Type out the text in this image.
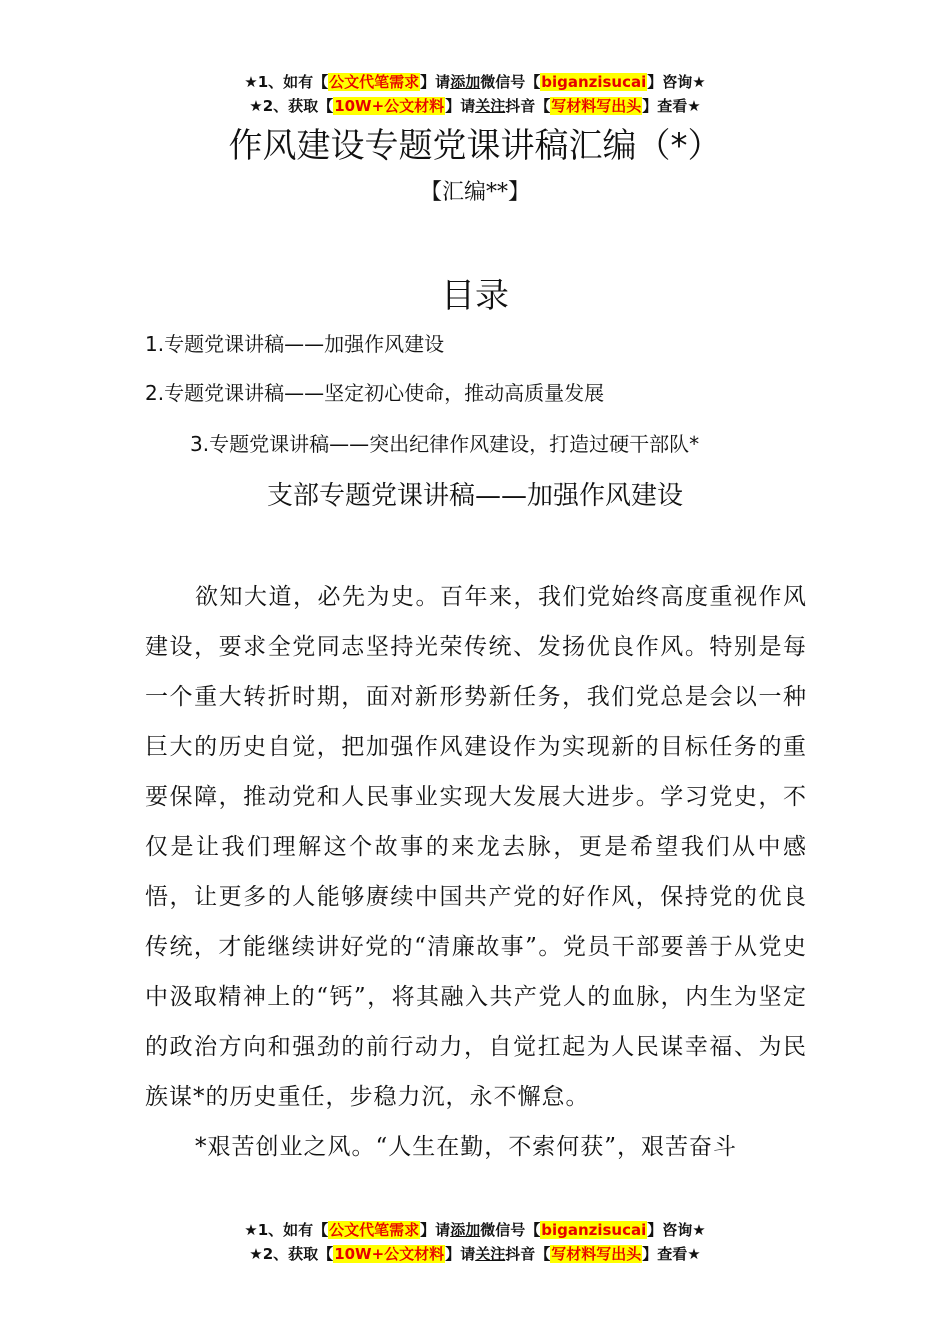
★1、如有【公文代笔需求】请添加微信号【biganzisucai】咨询★
★2、获取【10W+公文材料】请关注抖音【写材料写出头】查看★
作风建设专题党课讲稿汇编（*）
【汇编**】
目录
1.专题党课讲稿——加强作风建设
2.专题党课讲稿——坚定初心使命，推动高质量发展
3.专题党课讲稿——突出纪律作风建设，打造过硬干部队*
支部专题党课讲稿——加强作风建设

欲知大道，必先为史。百年来，我们党始终高度重视作风建设，要求全党同志坚持光荣传统、发扬优良作风。特别是每一个重大转折时期，面对新形势新任务，我们党总是会以一种巨大的历史自觉，把加强作风建设作为实现新的目标任务的重要保障，推动党和人民事业实现大发展大进步。学习党史，不仅是让我们理解这个故事的来龙去脉，更是希望我们从中感悟，让更多的人能够赓续中国共产党的好作风，保持党的优良传统，才能继续讲好党的“清廉故事”。党员干部要善于从党史中汲取精神上的“钙”，将其融入共产党人的血脉，内生为坚定的政治方向和强劲的前行动力，自觉扛起为人民谋幸福、为民族谋*的历史重任，步稳力沉，永不懈怠。

*艰苦创业之风。“人生在勤，不索何获”，艰苦奋斗

★1、如有【公文代笔需求】请添加微信号【biganzisucai】咨询★
★2、获取【10W+公文材料】请关注抖音【写材料写出头】查看★
